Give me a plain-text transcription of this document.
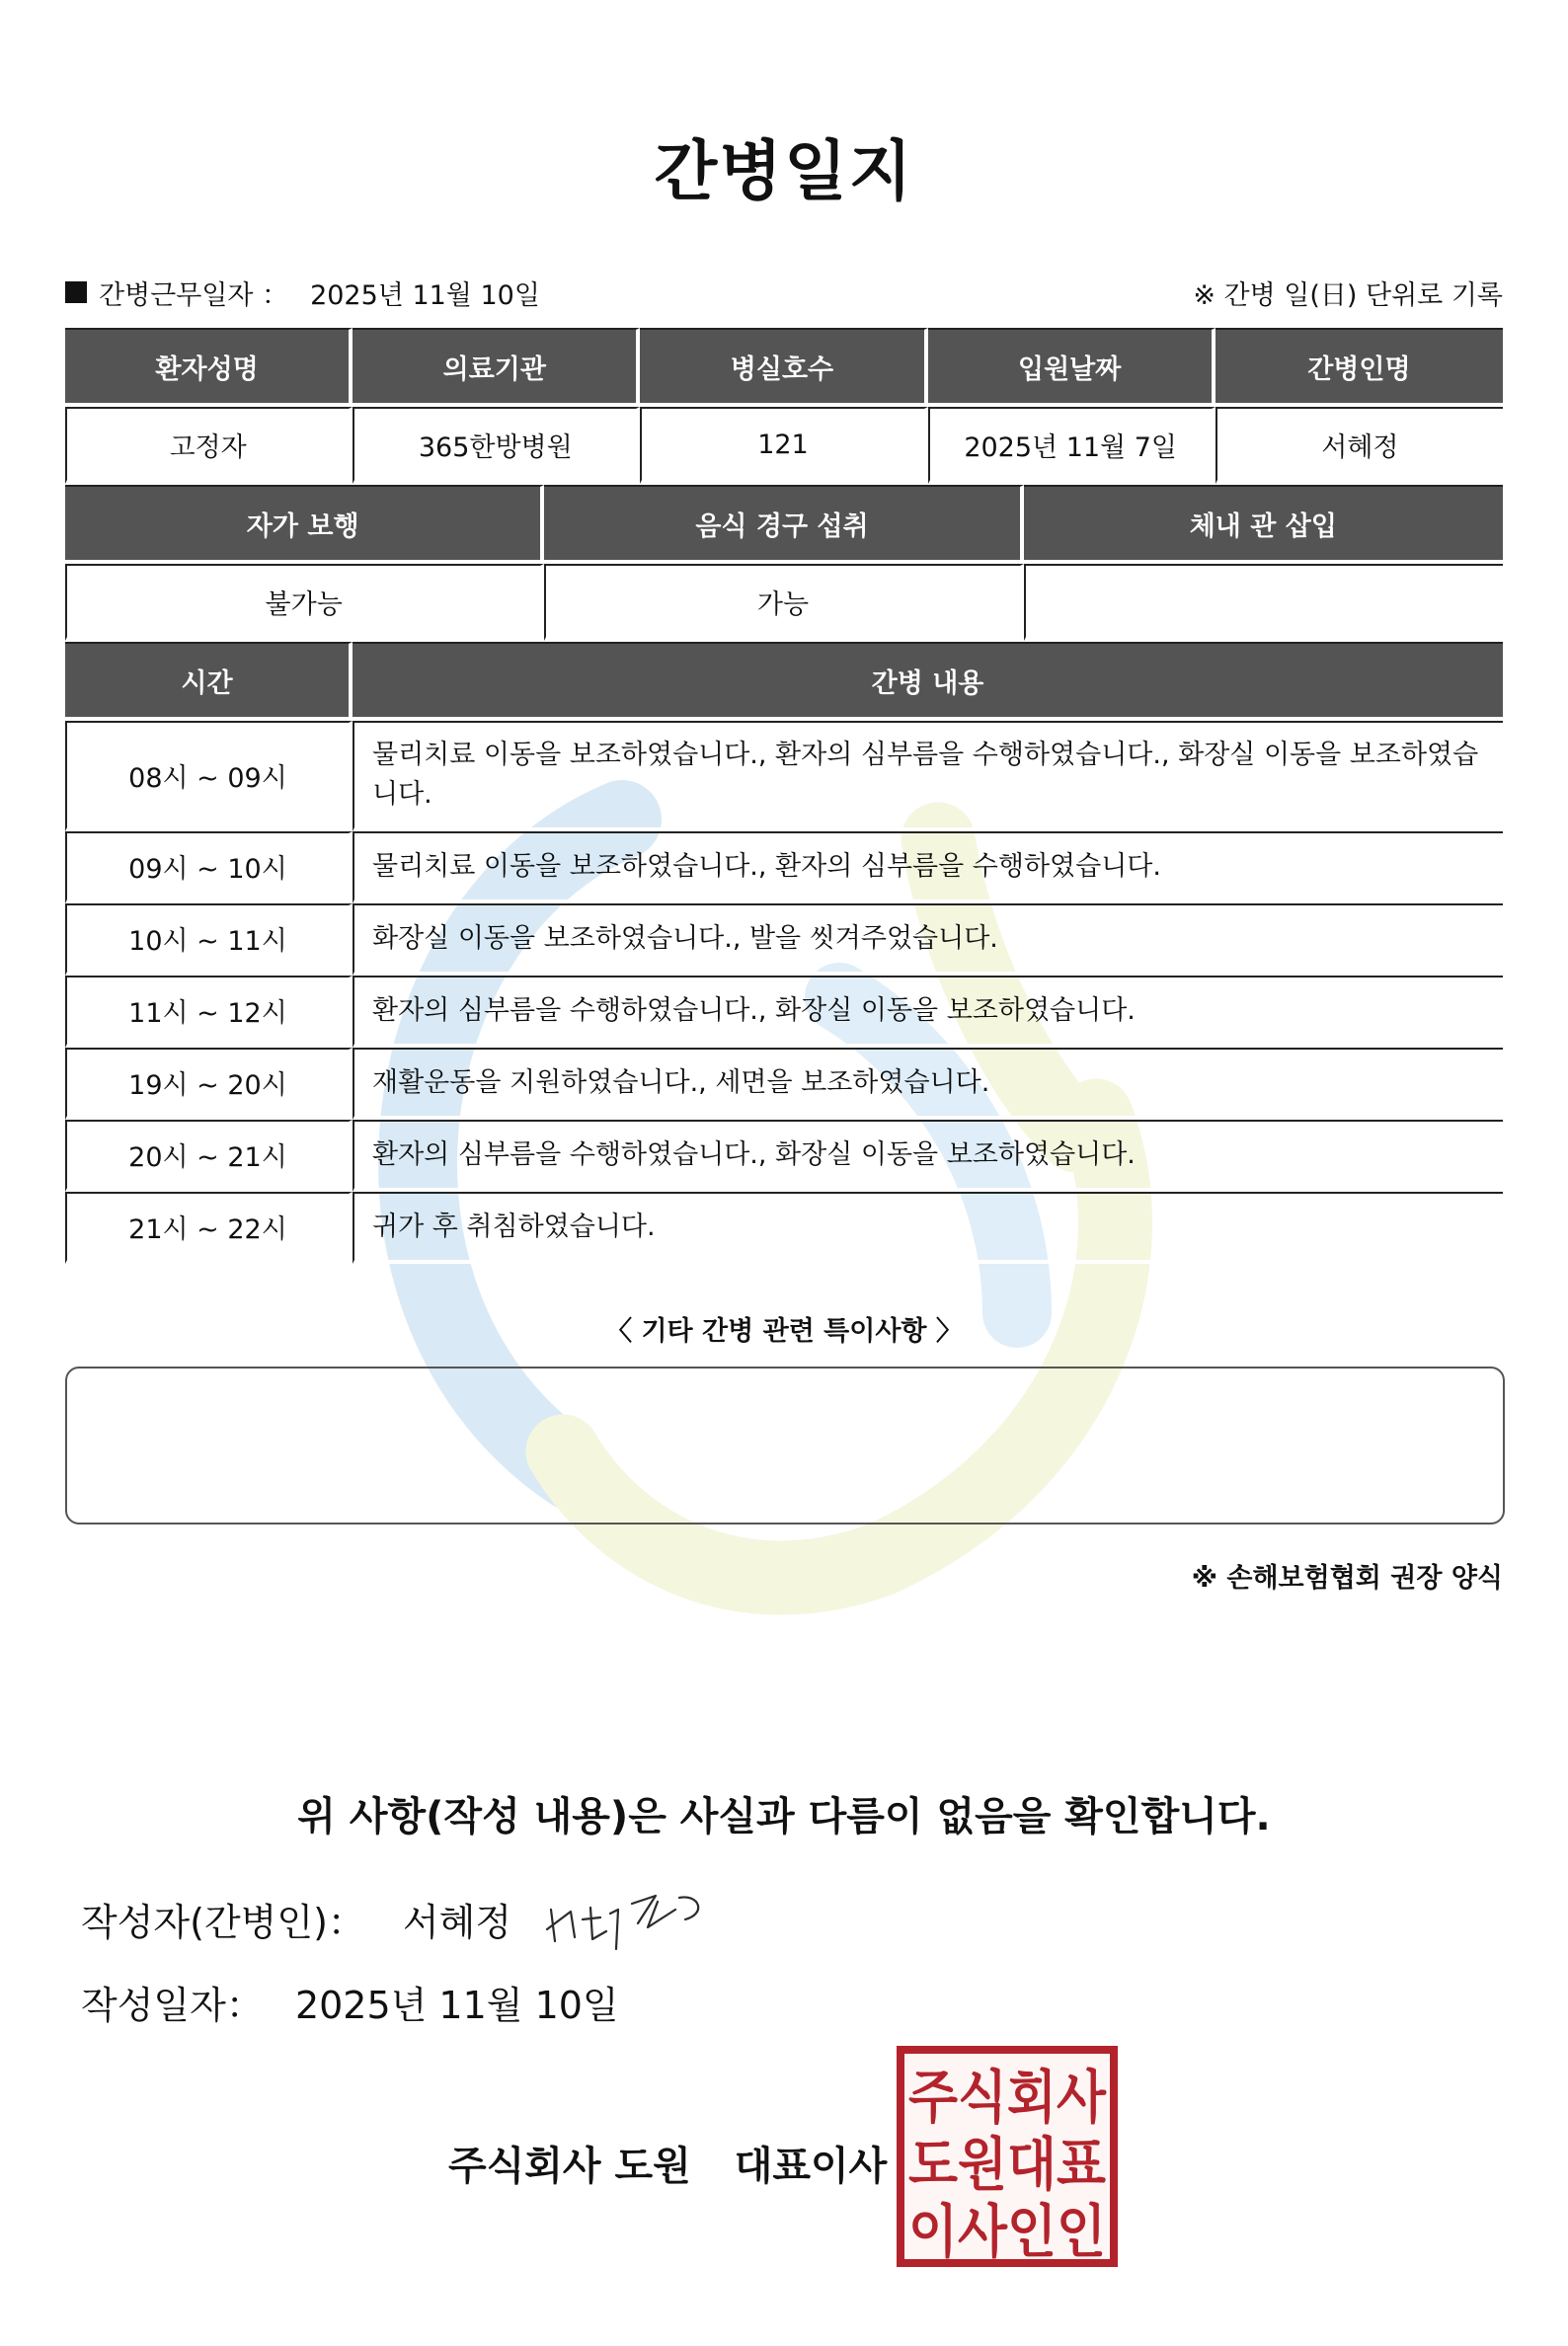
간병일지
간병근무일자 ： 2025년 11월 10일	※ 간병 일(日) 단위로 기록
환자성명	의료기관	병실호수	입원날짜	간병인명
고정자	365한방병원	121	2025년 11월 7일	서혜정
자가 보행	음식 경구 섭취	체내 관 삽입
불가능	가능	
시간	간병 내용
08시 ~ 09시	물리치료 이동을 보조하였습니다., 환자의 심부름을 수행하였습니다., 화장실 이동을 보조하였습니다.
09시 ~ 10시	물리치료 이동을 보조하였습니다., 환자의 심부름을 수행하였습니다.
10시 ~ 11시	화장실 이동을 보조하였습니다., 발을 씻겨주었습니다.
11시 ~ 12시	환자의 심부름을 수행하였습니다., 화장실 이동을 보조하였습니다.
19시 ~ 20시	재활운동을 지원하였습니다., 세면을 보조하였습니다.
20시 ~ 21시	환자의 심부름을 수행하였습니다., 화장실 이동을 보조하였습니다.
21시 ~ 22시	귀가 후 취침하였습니다.
〈 기타 간병 관련 특이사항 〉
※ 손해보험협회 권장 양식
위 사항(작성 내용)은 사실과 다름이 없음을 확인합니다.
작성자(간병인)： 서혜정
작성일자： 2025년 11월 10일
주식회사 도원 대표이사
주식회사
도원대표
이사인인
